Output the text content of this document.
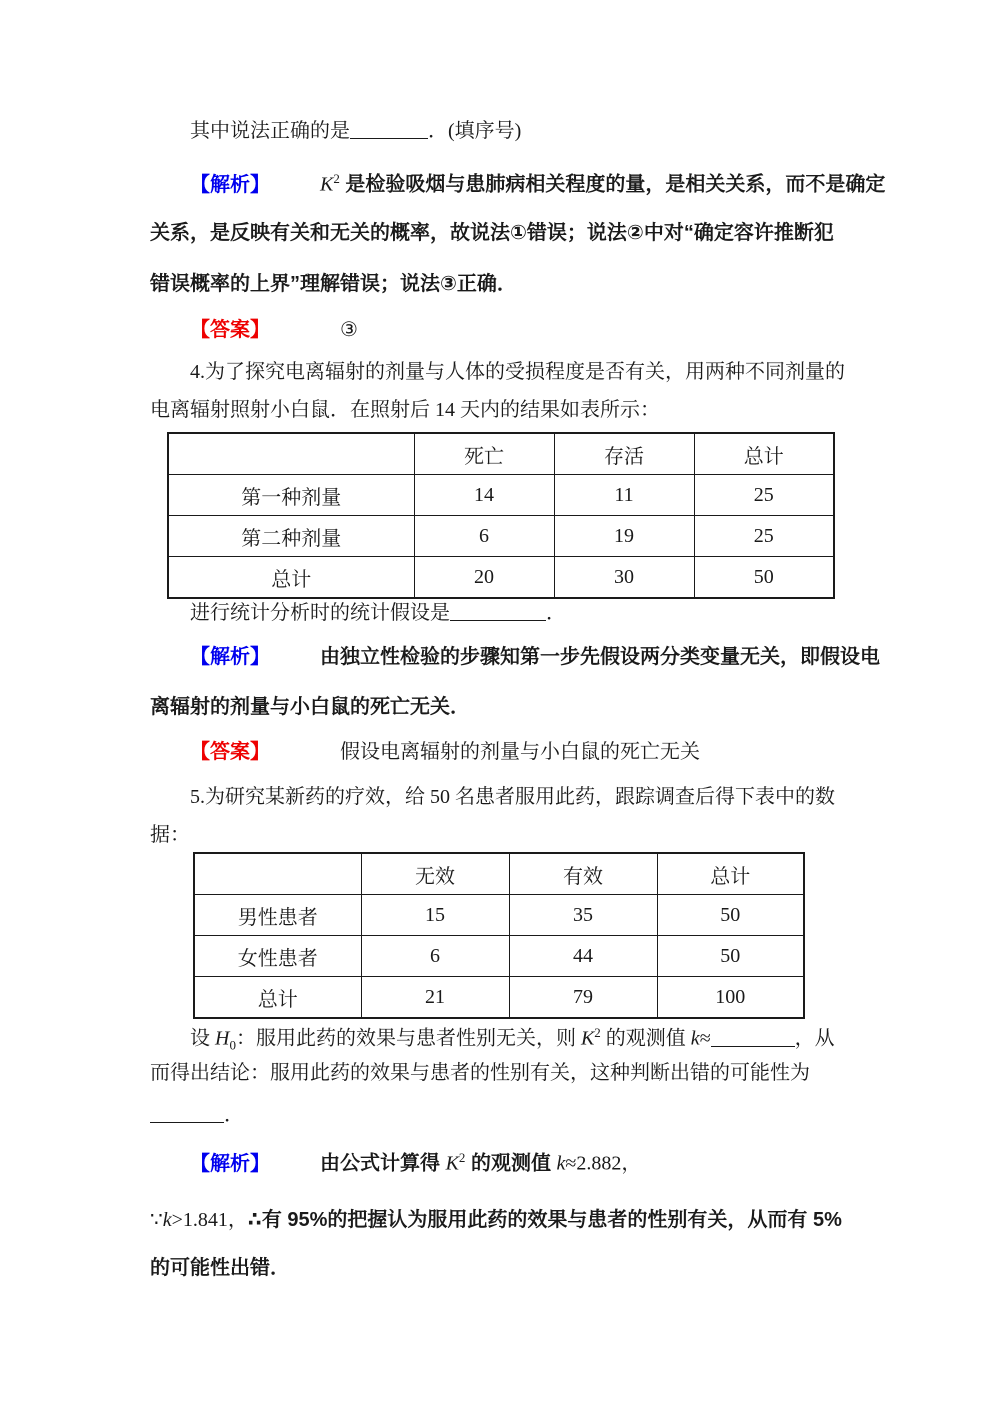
其中说法正确的是	．(填序号)
【解析】	$K^2$ 是检验吸烟与患肺病相关程度的量，是相关关系，而不是确定
关系，是反映有关和无关的概率，故说法①错误；说法②中对“确定容许推断犯
错误概率的上界”理解错误；说法③正确．
【答案】	③
4.为了探究电离辐射的剂量与人体的受损程度是否有关，用两种不同剂量的
电离辐射照射小白鼠．在照射后 14 天内的结果如表所示：
	死亡	存活	总计
第一种剂量	14	11	25
第二种剂量	6	19	25
总计	20	30	50
进行统计分析时的统计假设是	．
【解析】	由独立性检验的步骤知第一步先假设两分类变量无关，即假设电
离辐射的剂量与小白鼠的死亡无关．
【答案】	假设电离辐射的剂量与小白鼠的死亡无关
5.为研究某新药的疗效，给 50 名患者服用此药，跟踪调查后得下表中的数
据：
	无效	有效	总计
男性患者	15	35	50
女性患者	6	44	50
总计	21	79	100
设 $H_0$：服用此药的效果与患者性别无关，则 $K^2$ 的观测值 k≈	，从
而得出结论：服用此药的效果与患者的性别有关，这种判断出错的可能性为
．
【解析】	由公式计算得 $K^2$ 的观测值 k≈2.882，
∵k>1.841，∴有 95%的把握认为服用此药的效果与患者的性别有关，从而有 5%
的可能性出错．
